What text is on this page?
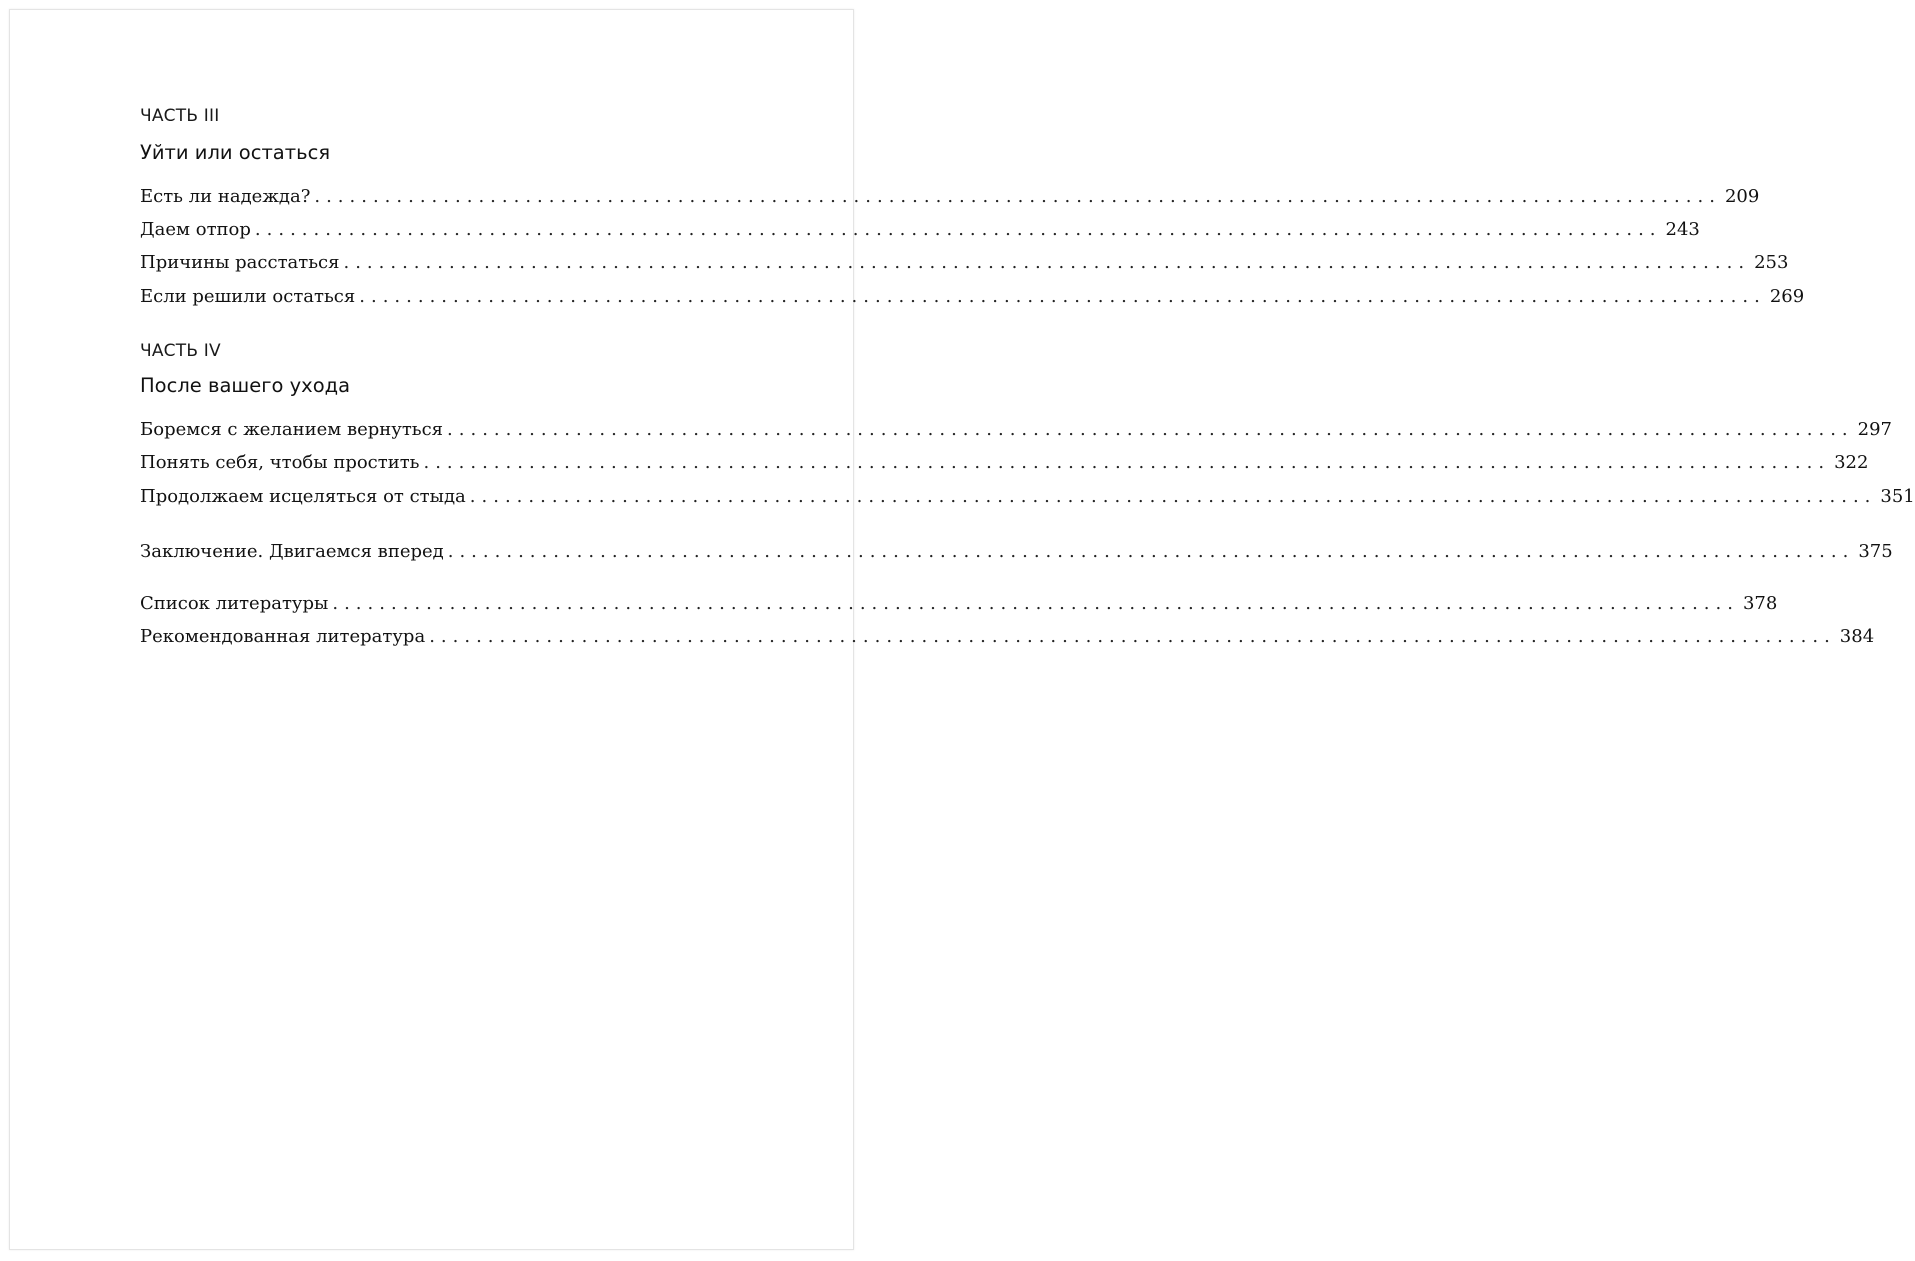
ЧАСТЬ III
Уйти или остаться
Есть ли надежда? ........................................................................................................................ 209
Даем отпор ........................................................................................................................ 243
Причины расстаться ........................................................................................................................ 253
Если решили остаться ........................................................................................................................ 269
ЧАСТЬ IV
После вашего ухода
Боремся с желанием вернуться ........................................................................................................................ 297
Понять себя, чтобы простить ........................................................................................................................ 322
Продолжаем исцеляться от стыда ........................................................................................................................ 351
Заключение. Двигаемся вперед ........................................................................................................................ 375
Список литературы ........................................................................................................................ 378
Рекомендованная литература ........................................................................................................................ 384
